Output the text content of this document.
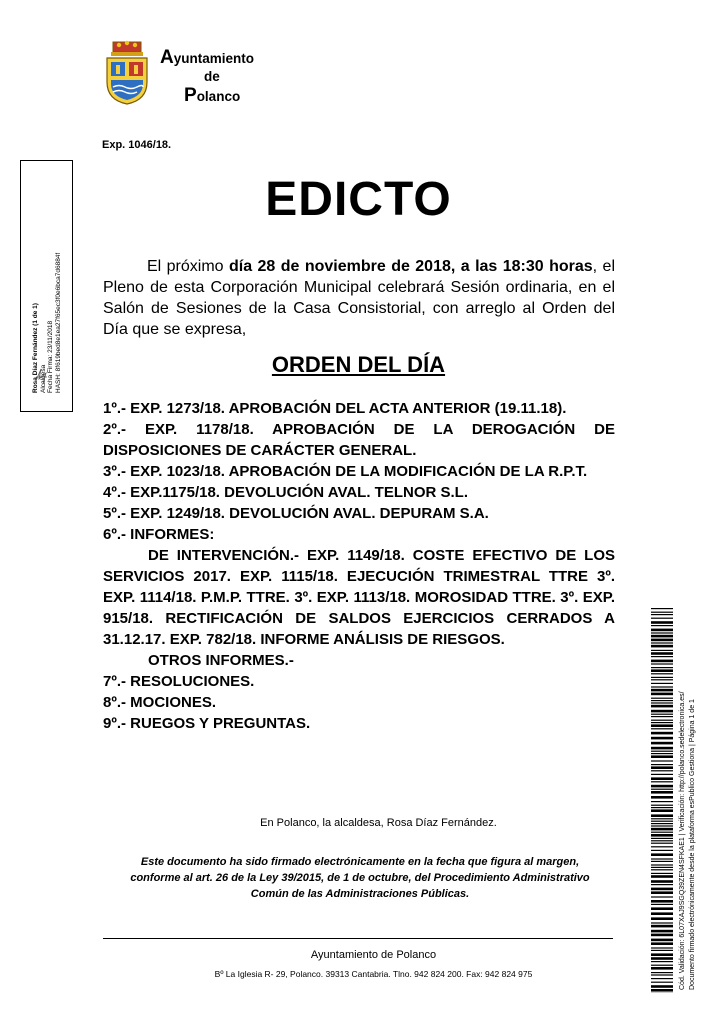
Ayuntamiento
de
Polanco
Exp. 1046/18.
Rosa Díaz Fernández (1 de 1) Alcaldesa Fecha Firma: 23/11/2018 HASH: 8f619bed8e1ea27f65ec3f0e6bca7d6884f
EDICTO
El próximo día 28 de noviembre de 2018, a las 18:30 horas, el Pleno de esta Corporación Municipal celebrará Sesión ordinaria, en el Salón de Sesiones de la Casa Consistorial, con arreglo al Orden del Día que se expresa,
ORDEN DEL DÍA

1º.- EXP. 1273/18. APROBACIÓN DEL ACTA ANTERIOR (19.11.18).

2º.- EXP. 1178/18. APROBACIÓN DE LA DEROGACIÓN DE DISPOSICIONES DE CARÁCTER GENERAL.

3º.- EXP. 1023/18. APROBACIÓN DE LA MODIFICACIÓN DE LA R.P.T.

4º.- EXP.1175/18. DEVOLUCIÓN AVAL. TELNOR S.L.

5º.- EXP. 1249/18. DEVOLUCIÓN AVAL. DEPURAM S.A.

6º.- INFORMES:

DE INTERVENCIÓN.- EXP. 1149/18. COSTE EFECTIVO DE LOS SERVICIOS 2017. EXP. 1115/18. EJECUCIÓN TRIMESTRAL TTRE 3º. EXP. 1114/18. P.M.P. TTRE. 3º. EXP. 1113/18. MOROSIDAD TTRE. 3º. EXP. 915/18. RECTIFICACIÓN DE SALDOS EJERCICIOS CERRADOS A 31.12.17. EXP. 782/18. INFORME ANÁLISIS DE RIESGOS.

OTROS INFORMES.-

7º.- RESOLUCIONES.

8º.- MOCIONES.

9º.- RUEGOS Y PREGUNTAS.

En Polanco, la alcaldesa, Rosa Díaz Fernández.
Este documento ha sido firmado electrónicamente en la fecha que figura al margen, conforme al art. 26 de la Ley 39/2015, de 1 de octubre, del Procedimiento Administrativo Común de las Administraciones Públicas.
Ayuntamiento de Polanco
Bº La Iglesia R- 29, Polanco. 39313 Cantabria. Tlno. 942 824 200. Fax: 942 824 975	Cód. Validación: 6L07XAJ9SGQ39ZEN4SFKAE1 | Verificación: http://polanco.sedelectronica.es/ Documento firmado electrónicamente desde la plataforma esPublico Gestiona | Página 1 de 1
